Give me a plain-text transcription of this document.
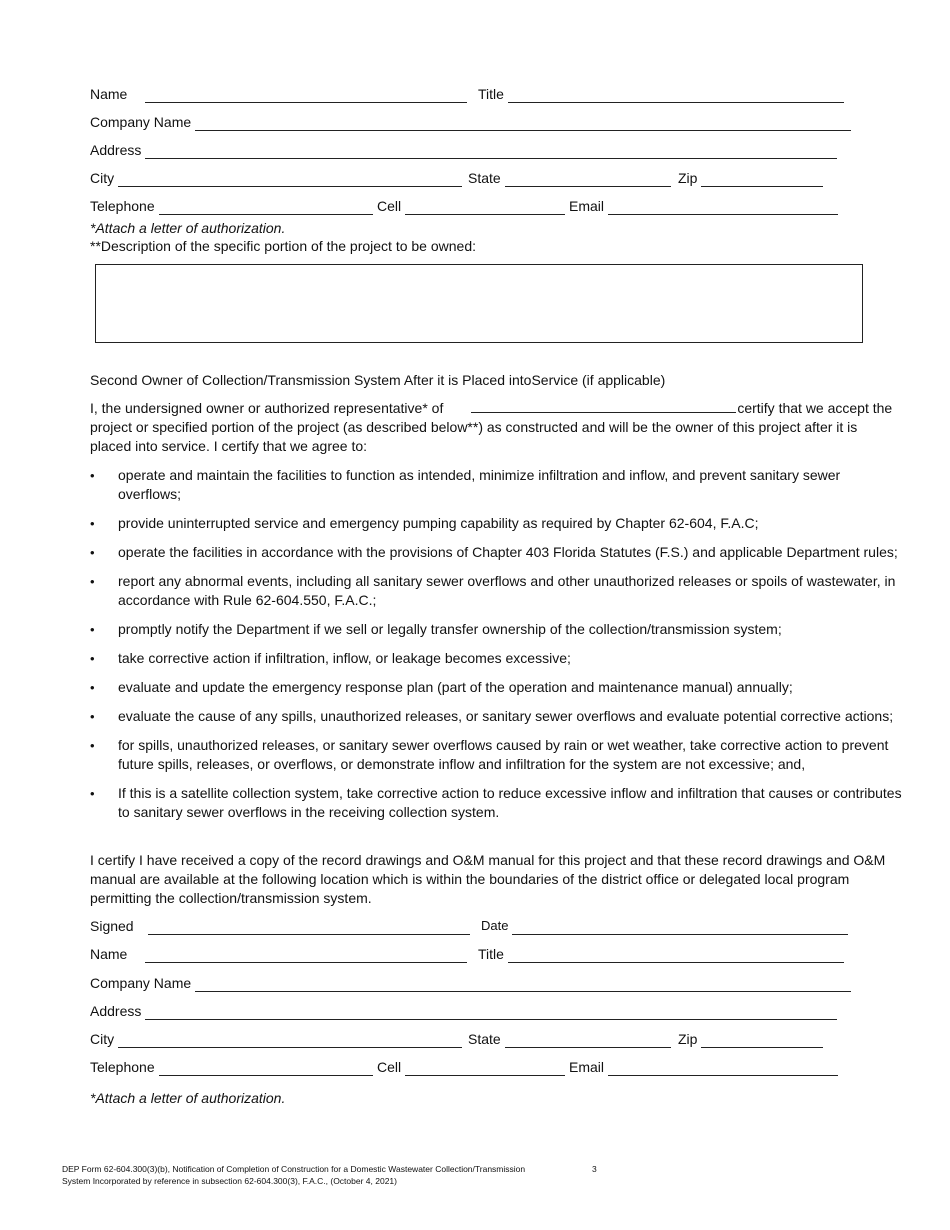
Name	Title
Company Name
Address
City	State	Zip
Telephone	Cell	Email
*Attach a letter of authorization.
**Description of the specific portion of the project to be owned:
Second Owner of Collection/Transmission System After it is Placed intoService (if applicable)
I, the undersigned owner or authorized representative* of	certify that we accept the project or specified portion of the project (as described below**) as constructed and will be the owner of this project after it is placed into service. I certify that we agree to:
• operate and maintain the facilities to function as intended, minimize infiltration and inflow, and prevent sanitary sewer overflows;
• provide uninterrupted service and emergency pumping capability as required by Chapter 62-604, F.A.C;
• operate the facilities in accordance with the provisions of Chapter 403 Florida Statutes (F.S.) and applicable Department rules;
• report any abnormal events, including all sanitary sewer overflows and other unauthorized releases or spoils of wastewater, in accordance with Rule 62-604.550, F.A.C.;
• promptly notify the Department if we sell or legally transfer ownership of the collection/transmission system;
• take corrective action if infiltration, inflow, or leakage becomes excessive;
• evaluate and update the emergency response plan (part of the operation and maintenance manual) annually;
• evaluate the cause of any spills, unauthorized releases, or sanitary sewer overflows and evaluate potential corrective actions;
• for spills, unauthorized releases, or sanitary sewer overflows caused by rain or wet weather, take corrective action to prevent future spills, releases, or overflows, or demonstrate inflow and infiltration for the system are not excessive; and,
• If this is a satellite collection system, take corrective action to reduce excessive inflow and infiltration that causes or contributes to sanitary sewer overflows in the receiving collection system.
I certify I have received a copy of the record drawings and O&M manual for this project and that these record drawings and O&M manual are available at the following location which is within the boundaries of the district office or delegated local program permitting the collection/transmission system.
Signed	Date
Name	Title
Company Name
Address
City	State	Zip
Telephone	Cell	Email
*Attach a letter of authorization.
DEP Form 62-604.300(3)(b), Notification of Completion of Construction for a Domestic Wastewater Collection/Transmission
System Incorporated by reference in subsection 62-604.300(3), F.A.C., (October 4, 2021)
3
